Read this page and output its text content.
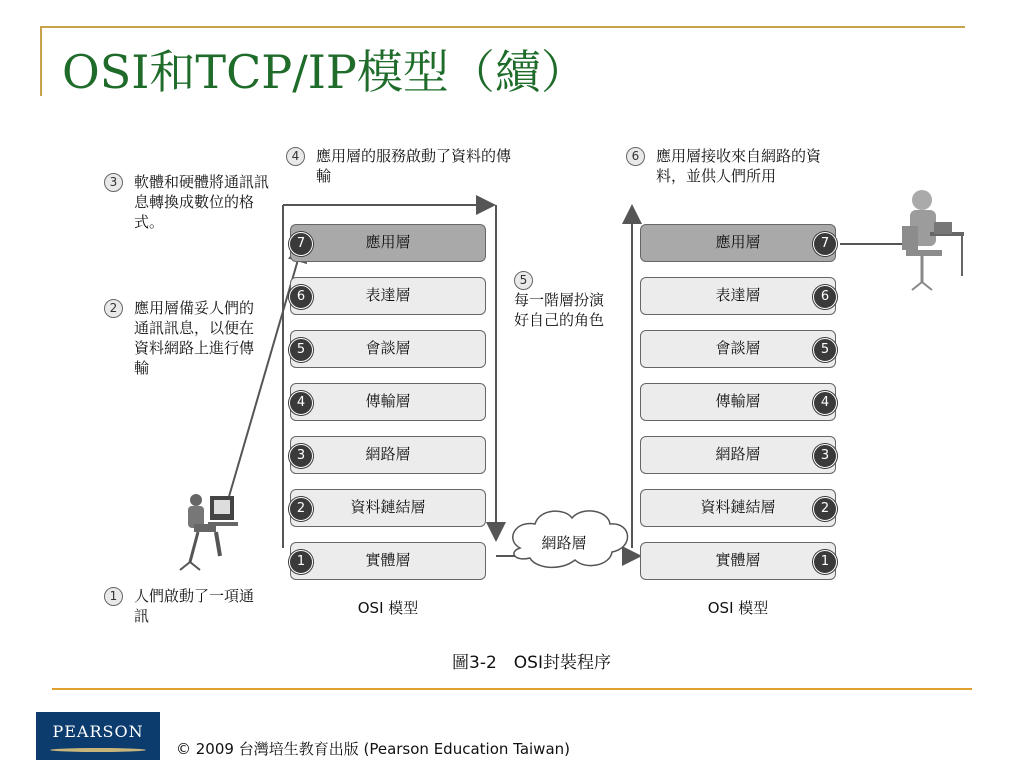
OSI和TCP/IP模型（續）
3	軟體和硬體將通訊訊息轉換成數位的格式。
2	應用層備妥人們的通訊訊息，以便在資料網路上進行傳輸
1	人們啟動了一項通訊
4	應用層的服務啟動了資料的傳輸
5
每一階層扮演好自己的角色
6	應用層接收來自網路的資料，並供人們所用
7	應用層
6	表達層
5	會談層
4	傳輸層
3	網路層
2	資料鏈結層
1	實體層
OSI 模型
應用層	7
表達層	6
會談層	5
傳輸層	4
網路層	3
資料鏈結層	2
實體層	1
OSI 模型
網路層
圖3-2　OSI封裝程序
PEARSON
© 2009 台灣培生教育出版 (Pearson Education Taiwan)
